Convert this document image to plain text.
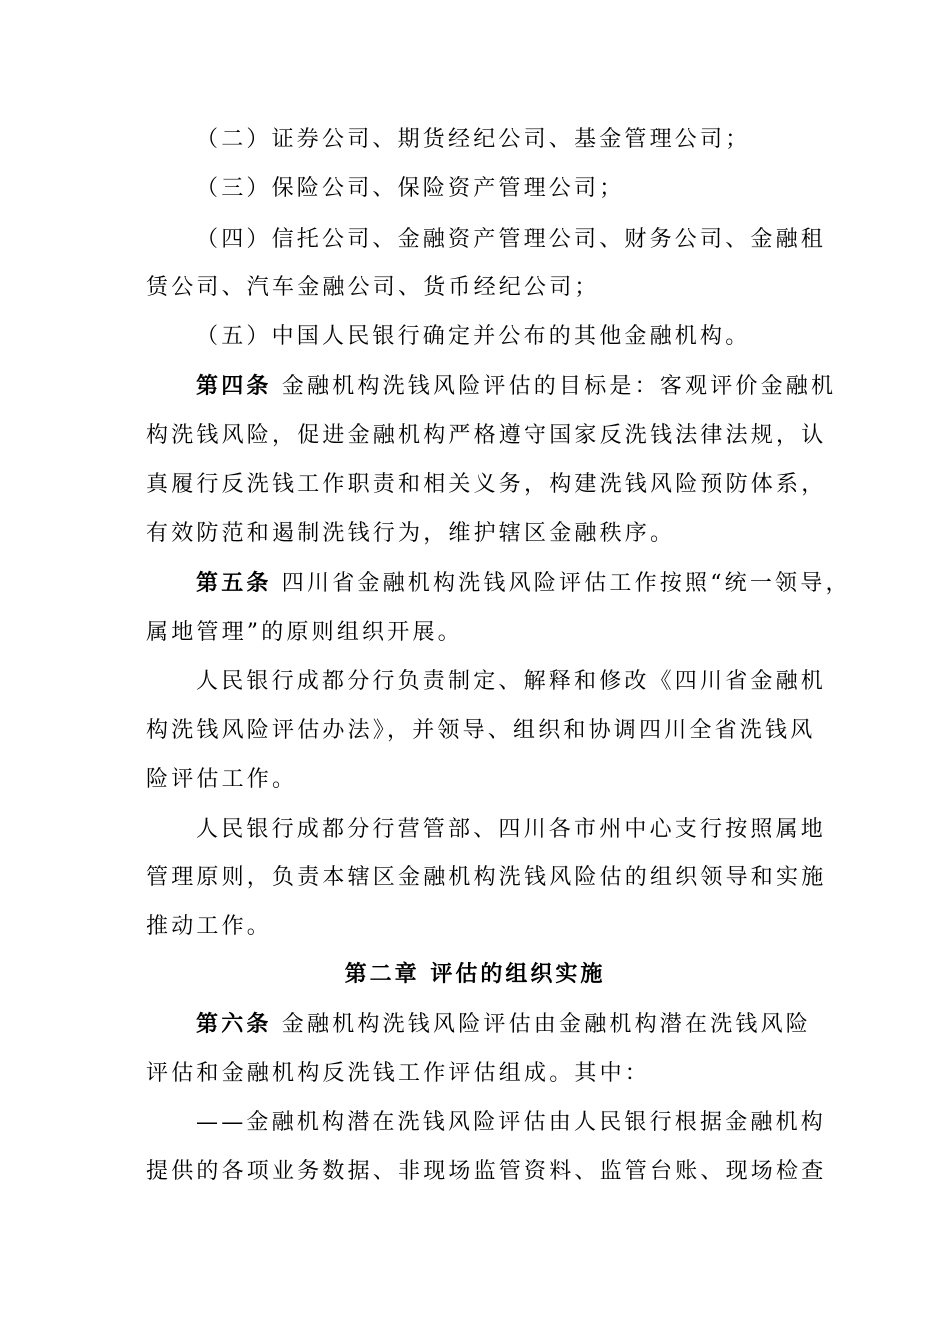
（二）证券公司、期货经纪公司、基金管理公司；
（三）保险公司、保险资产管理公司；
（四）信托公司、金融资产管理公司、财务公司、金融租
赁公司、汽车金融公司、货币经纪公司；
（五）中国人民银行确定并公布的其他金融机构。
第四条 金融机构洗钱风险评估的目标是：客观评价金融机
构洗钱风险，促进金融机构严格遵守国家反洗钱法律法规，认
真履行反洗钱工作职责和相关义务，构建洗钱风险预防体系，
有效防范和遏制洗钱行为，维护辖区金融秩序。
第五条 四川省金融机构洗钱风险评估工作按照“统一领导，
属地管理”的原则组织开展。
人民银行成都分行负责制定、解释和修改《四川省金融机
构洗钱风险评估办法》，并领导、组织和协调四川全省洗钱风
险评估工作。
人民银行成都分行营管部、四川各市州中心支行按照属地
管理原则，负责本辖区金融机构洗钱风险估的组织领导和实施
推动工作。
第二章 评估的组织实施
第六条 金融机构洗钱风险评估由金融机构潜在洗钱风险
评估和金融机构反洗钱工作评估组成。其中：
——金融机构潜在洗钱风险评估由人民银行根据金融机构
提供的各项业务数据、非现场监管资料、监管台账、现场检查
